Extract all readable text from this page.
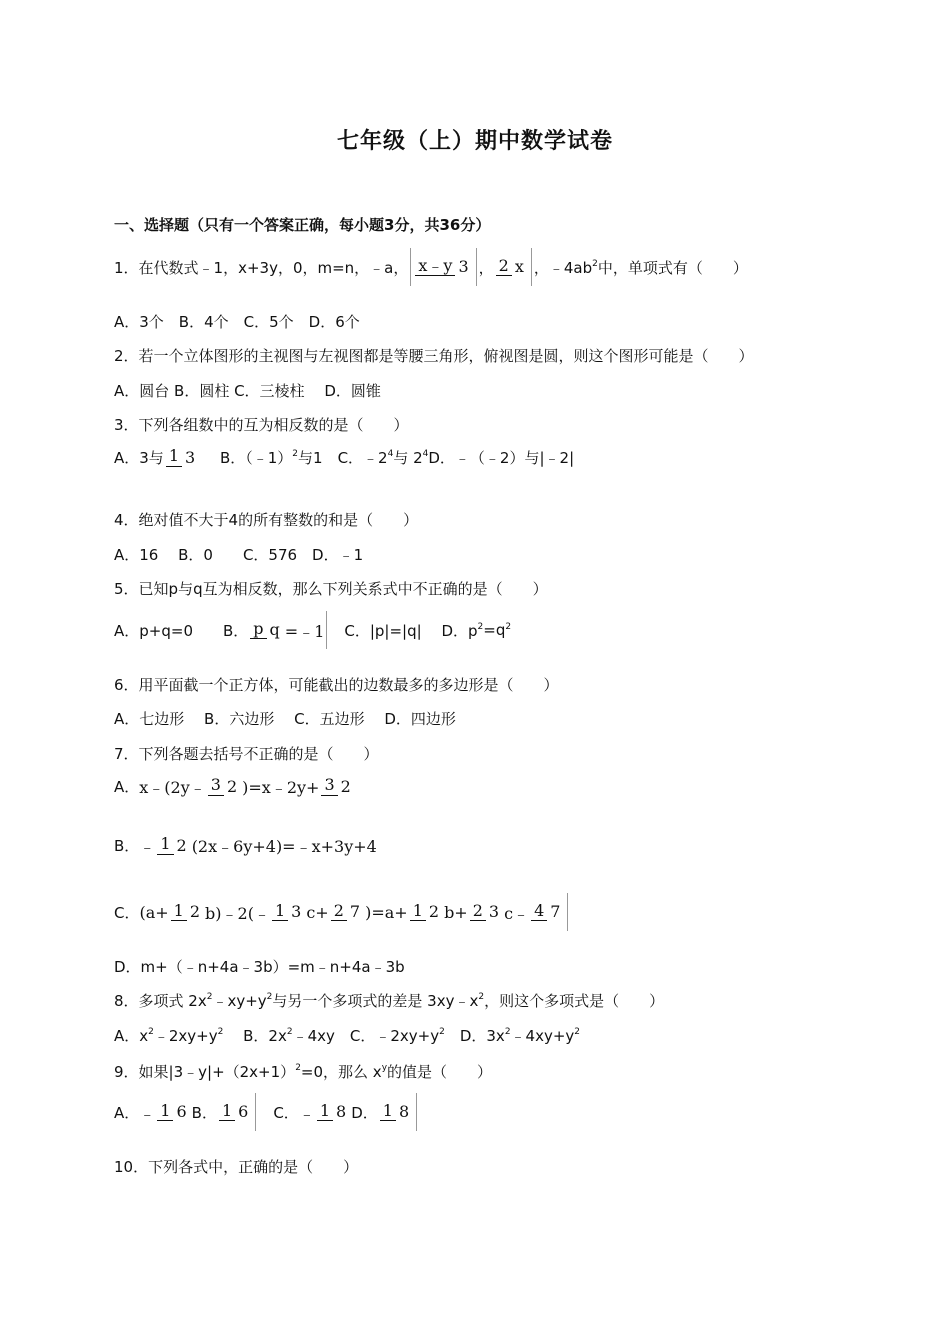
七年级（上）期中数学试卷
一、选择题（只有一个答案正确，每小题3分，共36分）
1．在代数式﹣1，x+3y，0，m=n，﹣a， x﹣y 3 ， 2 x ，$﹣4ab^2$中，单项式有（　　）
A．3个　B．4个　C．5个　D．6个
2．若一个立体图形的主视图与左视图都是等腰三角形，俯视图是圆，则这个图形可能是（　　）
A．圆台 B．圆柱 C．三棱柱　 D．圆锥
3．下列各组数中的互为相反数的是（　　）
A．3与 1 3　 B．（﹣1）$^2$与1　C．$﹣2^4$与 $2^4D$．﹣（﹣2）与|﹣2|
4．绝对值不大于4的所有整数的和是（　　）
A．16　 B．0　　C．576　D．﹣1
5．已知p与q互为相反数，那么下列关系式中不正确的是（　　）
A．p+q=0　　B． p q =﹣1　C．|p|=|q|　 D．$p^2=q^2$
6．用平面截一个正方体，可能截出的边数最多的多边形是（　　）
A．七边形　 B．六边形　 C．五边形　 D．四边形
7．下列各题去括号不正确的是（　　）
A．x﹣(2y﹣ 3 2 )=x﹣2y+ 3 2
B．﹣ 1 2 (2x﹣6y+4)=﹣x+3y+4
C．(a+ 1 2 b)﹣2(﹣ 1 3 c+ 2 7 )=a+ 1 2 b+ 2 3 c﹣ 4 7
D．m+（﹣n+4a﹣3b）=m﹣n+4a﹣3b
8．多项式 $2x^2﹣xy+y^2$与另一个多项式的差是 $3xy﹣x^2$，则这个多项式是（　　）
A．$x^2﹣2xy+y^2$　 B．$2x^2﹣4xy$　C．$﹣2xy+y^2$　D．$3x^2﹣4xy+y^2$
9．如果$|3﹣y|+(2x+1)^2=0$，那么 $x^y$的值是（　　）
A．﹣ 1 6 B． 1 6　C．﹣ 1 8 D． 1 8
10．下列各式中，正确的是（　　）
